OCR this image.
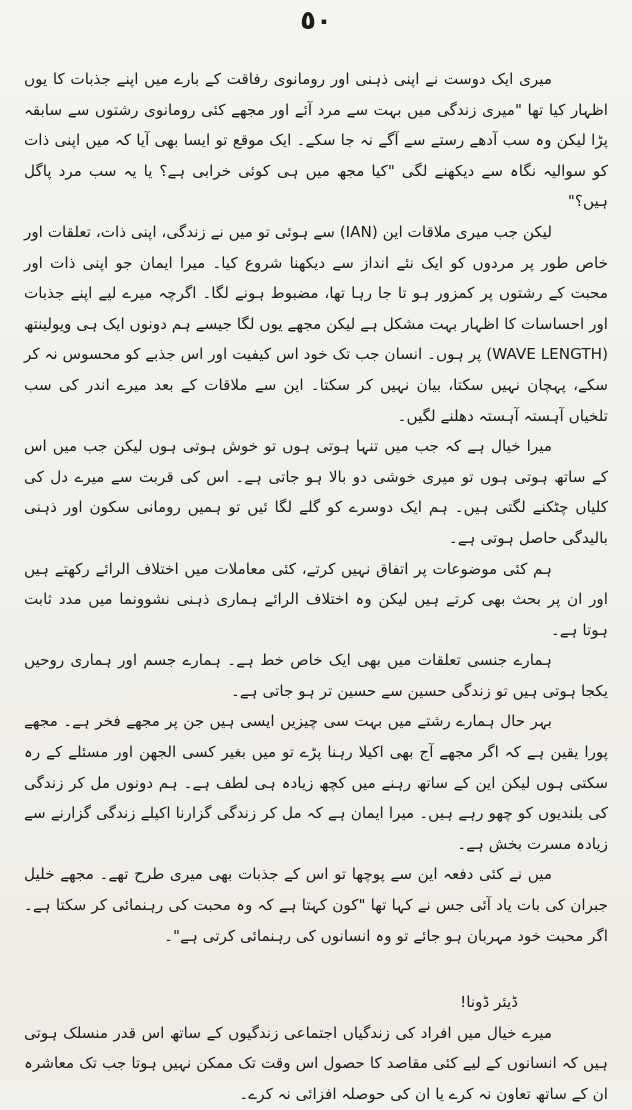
٥٠

میری ایک دوست نے اپنی ذہنی اور رومانوی رفاقت کے بارے میں اپنے جذبات کا یوں اظہار کیا تھا "میری زندگی میں بہت سے مرد آئے اور مجھے کئی رومانوی رشتوں سے سابقہ پڑا لیکن وہ سب آدھے رستے سے آگے نہ جا سکے۔ ایک موقع تو ایسا بھی آیا کہ میں اپنی ذات کو سوالیہ نگاہ سے دیکھنے لگی "کیا مجھ میں ہی کوئی خرابی ہے؟ یا یہ سب مرد پاگل ہیں؟"

لیکن جب میری ملاقات این (IAN) سے ہوئی تو میں نے زندگی، اپنی ذات، تعلقات اور خاص طور پر مردوں کو ایک نئے انداز سے دیکھنا شروع کیا۔ میرا ایمان جو اپنی ذات اور محبت کے رشتوں پر کمزور ہو تا جا رہا تھا، مضبوط ہونے لگا۔ اگرچہ میرے لیے اپنے جذبات اور احساسات کا اظہار بہت مشکل ہے لیکن مجھے یوں لگا جیسے ہم دونوں ایک ہی ویولینتھ (WAVE LENGTH) پر ہوں۔ انسان جب تک خود اس کیفیت اور اس جذبے کو محسوس نہ کر سکے، پہچان نہیں سکتا، بیان نہیں کر سکتا۔ این سے ملاقات کے بعد میرے اندر کی سب تلخیاں آہستہ آہستہ دھلنے لگیں۔

میرا خیال ہے کہ جب میں تنہا ہوتی ہوں تو خوش ہوتی ہوں لیکن جب میں اس کے ساتھ ہوتی ہوں تو میری خوشی دو بالا ہو جاتی ہے۔ اس کی قربت سے میرے دل کی کلیاں چٹکنے لگتی ہیں۔ ہم ایک دوسرے کو گلے لگا ئیں تو ہمیں رومانی سکون اور ذہنی بالیدگی حاصل ہوتی ہے۔

ہم کئی موضوعات پر اتفاق نہیں کرتے، کئی معاملات میں اختلاف الرائے رکھتے ہیں اور ان پر بحث بھی کرتے ہیں لیکن وہ اختلاف الرائے ہماری ذہنی نشوونما میں مدد ثابت ہوتا ہے۔

ہمارے جنسی تعلقات میں بھی ایک خاص خط ہے۔ ہمارے جسم اور ہماری روحیں یکجا ہوتی ہیں تو زندگی حسین سے حسین تر ہو جاتی ہے۔

بہر حال ہمارے رشتے میں بہت سی چیزیں ایسی ہیں جن پر مجھے فخر ہے۔ مجھے پورا یقین ہے کہ اگر مجھے آج بھی اکیلا رہنا پڑے تو میں بغیر کسی الجھن اور مسئلے کے رہ سکتی ہوں لیکن این کے ساتھ رہنے میں کچھ زیادہ ہی لطف ہے۔ ہم دونوں مل کر زندگی کی بلندیوں کو چھو رہے ہیں۔ میرا ایمان ہے کہ مل کر زندگی گزارنا اکیلے زندگی گزارنے سے زیادہ مسرت بخش ہے۔

میں نے کئی دفعہ این سے پوچھا تو اس کے جذبات بھی میری طرح تھے۔ مجھے خلیل جبران کی بات یاد آئی جس نے کہا تھا "کون کہتا ہے کہ وہ محبت کی رہنمائی کر سکتا ہے۔ اگر محبت خود مہربان ہو جائے تو وہ انسانوں کی رہنمائی کرتی ہے"۔

ڈیئر ڈونا!

میرے خیال میں افراد کی زندگیاں اجتماعی زندگیوں کے ساتھ اس قدر منسلک ہوتی ہیں کہ انسانوں کے لیے کئی مقاصد کا حصول اس وقت تک ممکن نہیں ہوتا جب تک معاشرہ ان کے ساتھ تعاون نہ کرے یا ان کی حوصلہ افزائی نہ کرے۔
